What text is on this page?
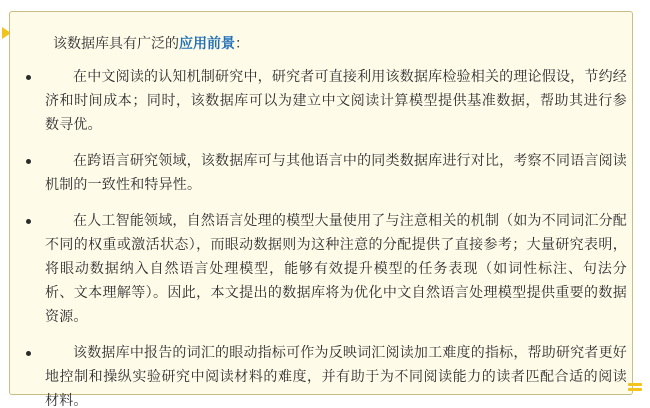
该数据库具有广泛的应用前景：
在中文阅读的认知机制研究中，研究者可直接利用该数据库检验相关的理论假设，节约经济和时间成本；同时，该数据库可以为建立中文阅读计算模型提供基准数据，帮助其进行参数寻优。
在跨语言研究领域，该数据库可与其他语言中的同类数据库进行对比，考察不同语言阅读机制的一致性和特异性。
在人工智能领域，自然语言处理的模型大量使用了与注意相关的机制（如为不同词汇分配不同的权重或激活状态），而眼动数据则为这种注意的分配提供了直接参考；大量研究表明，将眼动数据纳入自然语言处理模型，能够有效提升模型的任务表现（如词性标注、句法分析、文本理解等）。因此，本文提出的数据库将为优化中文自然语言处理模型提供重要的数据资源。
该数据库中报告的词汇的眼动指标可作为反映词汇阅读加工难度的指标，帮助研究者更好地控制和操纵实验研究中阅读材料的难度，并有助于为不同阅读能力的读者匹配合适的阅读材料。
